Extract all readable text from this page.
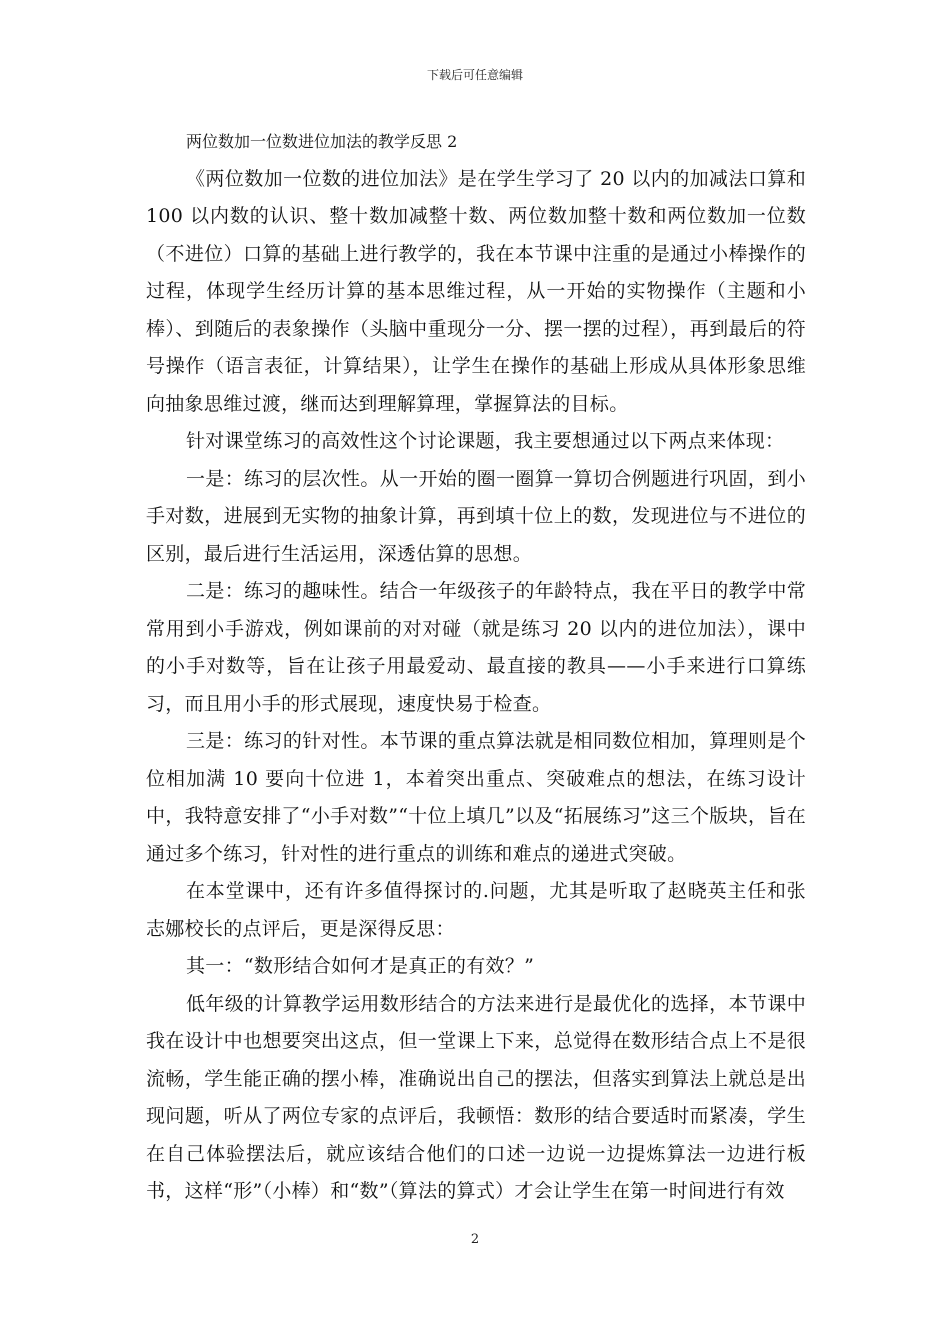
下载后可任意编辑

两位数加一位数进位加法的教学反思 2

《两位数加一位数的进位加法》是在学生学习了 20 以内的加减法口算和 100 以内数的认识、整十数加减整十数、两位数加整十数和两位数加一位数（不进位）口算的基础上进行教学的，我在本节课中注重的是通过小棒操作的过程，体现学生经历计算的基本思维过程，从一开始的实物操作（主题和小棒）、到随后的表象操作（头脑中重现分一分、摆一摆的过程），再到最后的符号操作（语言表征，计算结果），让学生在操作的基础上形成从具体形象思维向抽象思维过渡，继而达到理解算理，掌握算法的目标。

针对课堂练习的高效性这个讨论课题，我主要想通过以下两点来体现：

一是：练习的层次性。从一开始的圈一圈算一算切合例题进行巩固，到小手对数，进展到无实物的抽象计算，再到填十位上的数，发现进位与不进位的区别，最后进行生活运用，深透估算的思想。

二是：练习的趣味性。结合一年级孩子的年龄特点，我在平日的教学中常常用到小手游戏，例如课前的对对碰（就是练习 20 以内的进位加法），课中的小手对数等，旨在让孩子用最爱动、最直接的教具——小手来进行口算练习，而且用小手的形式展现，速度快易于检查。

三是：练习的针对性。本节课的重点算法就是相同数位相加，算理则是个位相加满 10 要向十位进 1，本着突出重点、突破难点的想法，在练习设计中，我特意安排了“小手对数”“十位上填几”以及“拓展练习”这三个版块，旨在通过多个练习，针对性的进行重点的训练和难点的递进式突破。

在本堂课中，还有许多值得探讨的.问题，尤其是听取了赵晓英主任和张志娜校长的点评后，更是深得反思：

其一：“数形结合如何才是真正的有效？”

低年级的计算教学运用数形结合的方法来进行是最优化的选择，本节课中我在设计中也想要突出这点，但一堂课上下来，总觉得在数形结合点上不是很流畅，学生能正确的摆小棒，准确说出自己的摆法，但落实到算法上就总是出现问题，听从了两位专家的点评后，我顿悟：数形的结合要适时而紧凑，学生在自己体验摆法后，就应该结合他们的口述一边说一边提炼算法一边进行板书，这样“形”（小棒）和“数”（算法的算式）才会让学生在第一时间进行有效

2
